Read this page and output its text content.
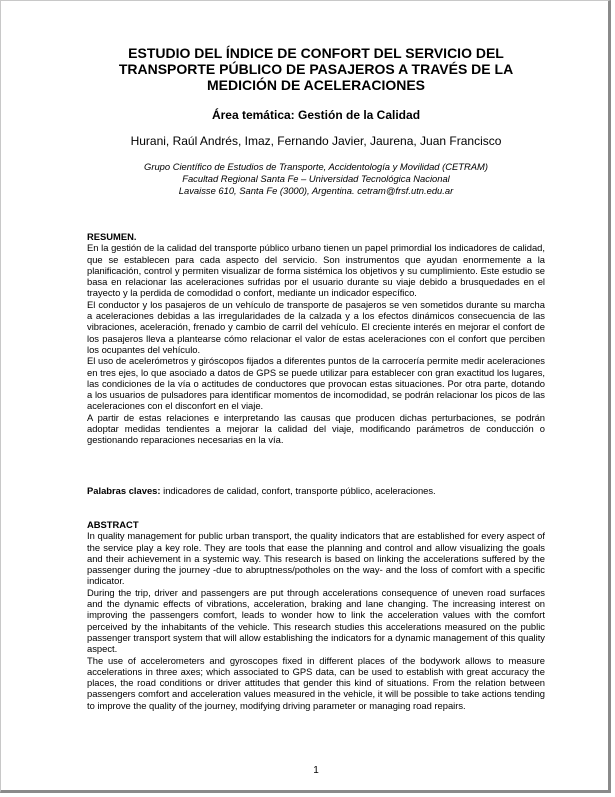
ESTUDIO DEL ÍNDICE DE CONFORT DEL SERVICIO DEL
TRANSPORTE PÚBLICO DE PASAJEROS A TRAVÉS DE LA
MEDICIÓN DE ACELERACIONES
Área temática: Gestión de la Calidad
Hurani, Raúl Andrés, Imaz, Fernando Javier, Jaurena, Juan Francisco
Grupo Científico de Estudios de Transporte, Accidentología y Movilidad (CETRAM)
Facultad Regional Santa Fe – Universidad Tecnológica Nacional
Lavaisse 610, Santa Fe (3000), Argentina. cetram@frsf.utn.edu.ar
RESUMEN.

En la gestión de la calidad del transporte público urbano tienen un papel primordial los indicadores de calidad, que se establecen para cada aspecto del servicio. Son instrumentos que ayudan enormemente a la planificación, control y permiten visualizar de forma sistémica los objetivos y su cumplimiento. Este estudio se basa en relacionar las aceleraciones sufridas por el usuario durante su viaje debido a brusquedades en el trayecto y la perdida de comodidad o confort, mediante un indicador específico.

El conductor y los pasajeros de un vehículo de transporte de pasajeros se ven sometidos durante su marcha a aceleraciones debidas a las irregularidades de la calzada y a los efectos dinámicos consecuencia de las vibraciones, aceleración, frenado y cambio de carril del vehículo. El creciente interés en mejorar el confort de los pasajeros lleva a plantearse cómo relacionar el valor de estas aceleraciones con el confort que perciben los ocupantes del vehículo.

El uso de acelerómetros y giróscopos fijados a diferentes puntos de la carrocería permite medir aceleraciones en tres ejes, lo que asociado a datos de GPS se puede utilizar para establecer con gran exactitud los lugares, las condiciones de la vía o actitudes de conductores que provocan estas situaciones. Por otra parte, dotando a los usuarios de pulsadores para identificar momentos de incomodidad, se podrán relacionar los picos de las aceleraciones con el disconfort en el viaje.

A partir de estas relaciones e interpretando las causas que producen dichas perturbaciones, se podrán adoptar medidas tendientes a mejorar la calidad del viaje, modificando parámetros de conducción o gestionando reparaciones necesarias en la vía.

Palabras claves: indicadores de calidad, confort, transporte público, aceleraciones.

ABSTRACT

In quality management for public urban transport, the quality indicators that are established for every aspect of the service play a key role. They are tools that ease the planning and control and allow visualizing the goals and their achievement in a systemic way. This research is based on linking the accelerations suffered by the passenger during the journey -due to abruptness/potholes on the way- and the loss of comfort with a specific indicator.

During the trip, driver and passengers are put through accelerations consequence of uneven road surfaces and the dynamic effects of vibrations, acceleration, braking and lane changing. The increasing interest on improving the passengers comfort, leads to wonder how to link the acceleration values with the comfort perceived by the inhabitants of the vehicle. This research studies this accelerations measured on the public passenger transport system that will allow establishing the indicators for a dynamic management of this quality aspect.

The use of accelerometers and gyroscopes fixed in different places of the bodywork allows to measure accelerations in three axes; which associated to GPS data, can be used to establish with great accuracy the places, the road conditions or driver attitudes that gender this kind of situations. From the relation between passengers comfort and acceleration values measured in the vehicle, it will be possible to take actions tending to improve the quality of the journey, modifying driving parameter or managing road repairs.

1
